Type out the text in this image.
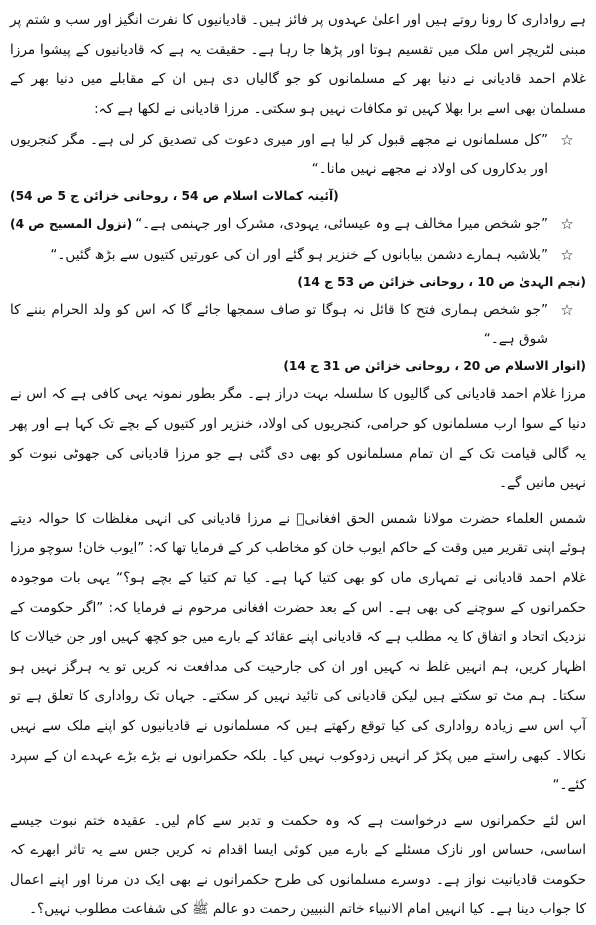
ہے رواداری کا رونا روتے ہیں اور اعلیٰ عہدوں پر فائز ہیں۔ قادیانیوں کا نفرت انگیز اور سب و شتم پر مبنی لٹریچر اس ملک میں تقسیم ہوتا اور پڑھا جا رہا ہے۔ حقیقت یہ ہے کہ قادیانیوں کے پیشوا مرزا غلام احمد قادیانی نے دنیا بھر کے مسلمانوں کو جو گالیاں دی ہیں ان کے مقابلے میں دنیا بھر کے مسلمان بھی اسے برا بھلا کہیں تو مکافات نہیں ہو سکتی۔ مرزا قادیانی نے لکھا ہے کہ:

☆
”کل مسلمانوں نے مجھے قبول کر لیا ہے اور میری دعوت کی تصدیق کر لی ہے۔ مگر کنجریوں اور بدکاروں کی اولاد نے مجھے نہیں مانا۔“
(آئینہ کمالات اسلام ص 54 ، روحانی خزائن ج 5 ص 54)
☆
”جو شخص میرا مخالف ہے وہ عیسائی، یہودی، مشرک اور جہنمی ہے۔“
(نزول المسیح ص 4)
☆
”بلاشبہ ہمارے دشمن بیابانوں کے خنزیر ہو گئے اور ان کی عورتیں کتیوں سے بڑھ گئیں۔“
(نجم الہدیٰ ص 10 ، روحانی خزائن ص 53 ج 14)
☆
”جو شخص ہماری فتح کا قائل نہ ہوگا تو صاف سمجھا جائے گا کہ اس کو ولد الحرام بننے کا شوق ہے۔“
(انوار الاسلام ص 20 ، روحانی خزائن ص 31 ج 14)

مرزا غلام احمد قادیانی کی گالیوں کا سلسلہ بہت دراز ہے۔ مگر بطور نمونہ یہی کافی ہے کہ اس نے دنیا کے سوا ارب مسلمانوں کو حرامی، کنجریوں کی اولاد، خنزیر اور کتیوں کے بچے تک کہا ہے اور پھر یہ گالی قیامت تک کے ان تمام مسلمانوں کو بھی دی گئی ہے جو مرزا قادیانی کی جھوٹی نبوت کو نہیں مانیں گے۔

شمس العلماء حضرت مولانا شمس الحق افغانیؒ نے مرزا قادیانی کی انہی مغلظات کا حوالہ دیتے ہوئے اپنی تقریر میں وقت کے حاکم ایوب خان کو مخاطب کر کے فرمایا تھا کہ: ”ایوب خان! سوچو مرزا غلام احمد قادیانی نے تمہاری ماں کو بھی کتیا کہا ہے۔ کیا تم کتیا کے بچے ہو؟“ یہی بات موجودہ حکمرانوں کے سوچنے کی بھی ہے۔ اس کے بعد حضرت افغانی مرحوم نے فرمایا کہ: ”اگر حکومت کے نزدیک اتحاد و اتفاق کا یہ مطلب ہے کہ قادیانی اپنے عقائد کے بارے میں جو کچھ کہیں اور جن خیالات کا اظہار کریں، ہم انہیں غلط نہ کہیں اور ان کی جارحیت کی مدافعت نہ کریں تو یہ ہرگز نہیں ہو سکتا۔ ہم مٹ تو سکتے ہیں لیکن قادیانی کی تائید نہیں کر سکتے۔ جہاں تک رواداری کا تعلق ہے تو آپ اس سے زیادہ رواداری کی کیا توقع رکھتے ہیں کہ مسلمانوں نے قادیانیوں کو اپنے ملک سے نہیں نکالا۔ کبھی راستے میں پکڑ کر انہیں زدوکوب نہیں کیا۔ بلکہ حکمرانوں نے بڑے بڑے عہدے ان کے سپرد کئے۔“

اس لئے حکمرانوں سے درخواست ہے کہ وہ حکمت و تدبر سے کام لیں۔ عقیدہ ختم نبوت جیسے اساسی، حساس اور نازک مسئلے کے بارے میں کوئی ایسا اقدام نہ کریں جس سے یہ تاثر ابھرے کہ حکومت قادیانیت نواز ہے۔ دوسرے مسلمانوں کی طرح حکمرانوں نے بھی ایک دن مرنا اور اپنے اعمال کا جواب دینا ہے۔ کیا انہیں امام الانبیاء خاتم النبیین رحمت دو عالم ﷺ کی شفاعت مطلوب نہیں؟۔
